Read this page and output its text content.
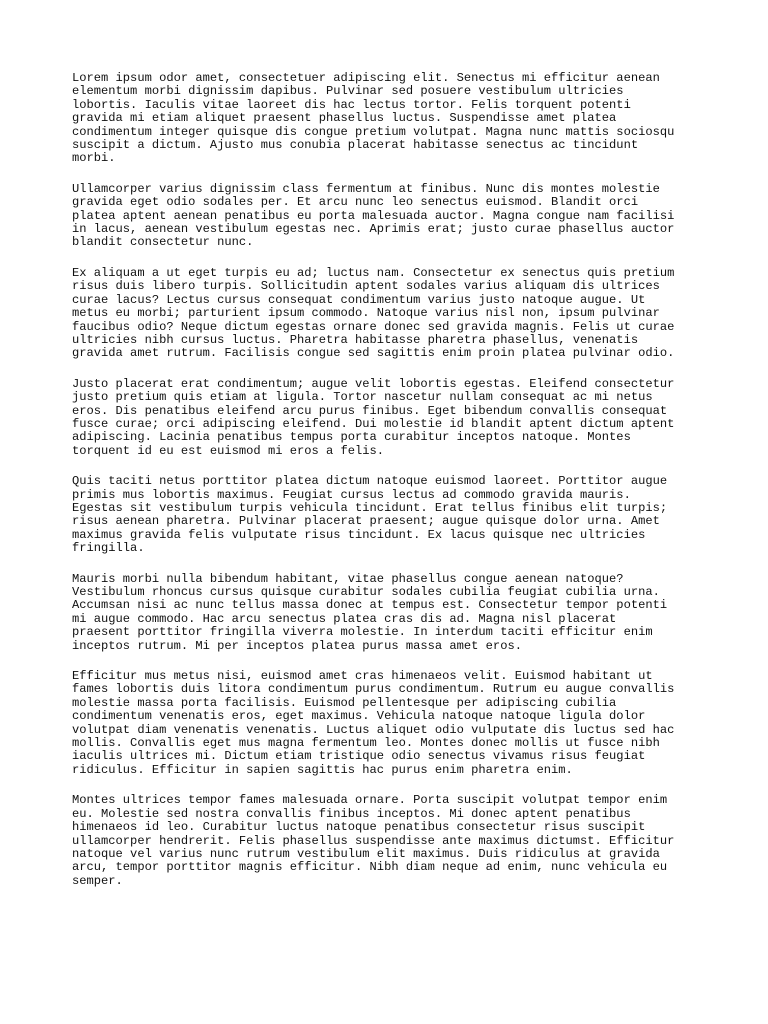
Lorem ipsum odor amet, consectetuer adipiscing elit. Senectus mi efficitur aenean
elementum morbi dignissim dapibus. Pulvinar sed posuere vestibulum ultricies
lobortis. Iaculis vitae laoreet dis hac lectus tortor. Felis torquent potenti
gravida mi etiam aliquet praesent phasellus luctus. Suspendisse amet platea
condimentum integer quisque dis congue pretium volutpat. Magna nunc mattis sociosqu
suscipit a dictum. Ajusto mus conubia placerat habitasse senectus ac tincidunt
morbi.

Ullamcorper varius dignissim class fermentum at finibus. Nunc dis montes molestie
gravida eget odio sodales per. Et arcu nunc leo senectus euismod. Blandit orci
platea aptent aenean penatibus eu porta malesuada auctor. Magna congue nam facilisi
in lacus, aenean vestibulum egestas nec. Aprimis erat; justo curae phasellus auctor
blandit consectetur nunc.

Ex aliquam a ut eget turpis eu ad; luctus nam. Consectetur ex senectus quis pretium
risus duis libero turpis. Sollicitudin aptent sodales varius aliquam dis ultrices
curae lacus? Lectus cursus consequat condimentum varius justo natoque augue. Ut
metus eu morbi; parturient ipsum commodo. Natoque varius nisl non, ipsum pulvinar
faucibus odio? Neque dictum egestas ornare donec sed gravida magnis. Felis ut curae
ultricies nibh cursus luctus. Pharetra habitasse pharetra phasellus, venenatis
gravida amet rutrum. Facilisis congue sed sagittis enim proin platea pulvinar odio.

Justo placerat erat condimentum; augue velit lobortis egestas. Eleifend consectetur
justo pretium quis etiam at ligula. Tortor nascetur nullam consequat ac mi netus
eros. Dis penatibus eleifend arcu purus finibus. Eget bibendum convallis consequat
fusce curae; orci adipiscing eleifend. Dui molestie id blandit aptent dictum aptent
adipiscing. Lacinia penatibus tempus porta curabitur inceptos natoque. Montes
torquent id eu est euismod mi eros a felis.

Quis taciti netus porttitor platea dictum natoque euismod laoreet. Porttitor augue
primis mus lobortis maximus. Feugiat cursus lectus ad commodo gravida mauris.
Egestas sit vestibulum turpis vehicula tincidunt. Erat tellus finibus elit turpis;
risus aenean pharetra. Pulvinar placerat praesent; augue quisque dolor urna. Amet
maximus gravida felis vulputate risus tincidunt. Ex lacus quisque nec ultricies
fringilla.

Mauris morbi nulla bibendum habitant, vitae phasellus congue aenean natoque?
Vestibulum rhoncus cursus quisque curabitur sodales cubilia feugiat cubilia urna.
Accumsan nisi ac nunc tellus massa donec at tempus est. Consectetur tempor potenti
mi augue commodo. Hac arcu senectus platea cras dis ad. Magna nisl placerat
praesent porttitor fringilla viverra molestie. In interdum taciti efficitur enim
inceptos rutrum. Mi per inceptos platea purus massa amet eros.

Efficitur mus metus nisi, euismod amet cras himenaeos velit. Euismod habitant ut
fames lobortis duis litora condimentum purus condimentum. Rutrum eu augue convallis
molestie massa porta facilisis. Euismod pellentesque per adipiscing cubilia
condimentum venenatis eros, eget maximus. Vehicula natoque natoque ligula dolor
volutpat diam venenatis venenatis. Luctus aliquet odio vulputate dis luctus sed hac
mollis. Convallis eget mus magna fermentum leo. Montes donec mollis ut fusce nibh
iaculis ultrices mi. Dictum etiam tristique odio senectus vivamus risus feugiat
ridiculus. Efficitur in sapien sagittis hac purus enim pharetra enim.

Montes ultrices tempor fames malesuada ornare. Porta suscipit volutpat tempor enim
eu. Molestie sed nostra convallis finibus inceptos. Mi donec aptent penatibus
himenaeos id leo. Curabitur luctus natoque penatibus consectetur risus suscipit
ullamcorper hendrerit. Felis phasellus suspendisse ante maximus dictumst. Efficitur
natoque vel varius nunc rutrum vestibulum elit maximus. Duis ridiculus at gravida
arcu, tempor porttitor magnis efficitur. Nibh diam neque ad enim, nunc vehicula eu
semper.
